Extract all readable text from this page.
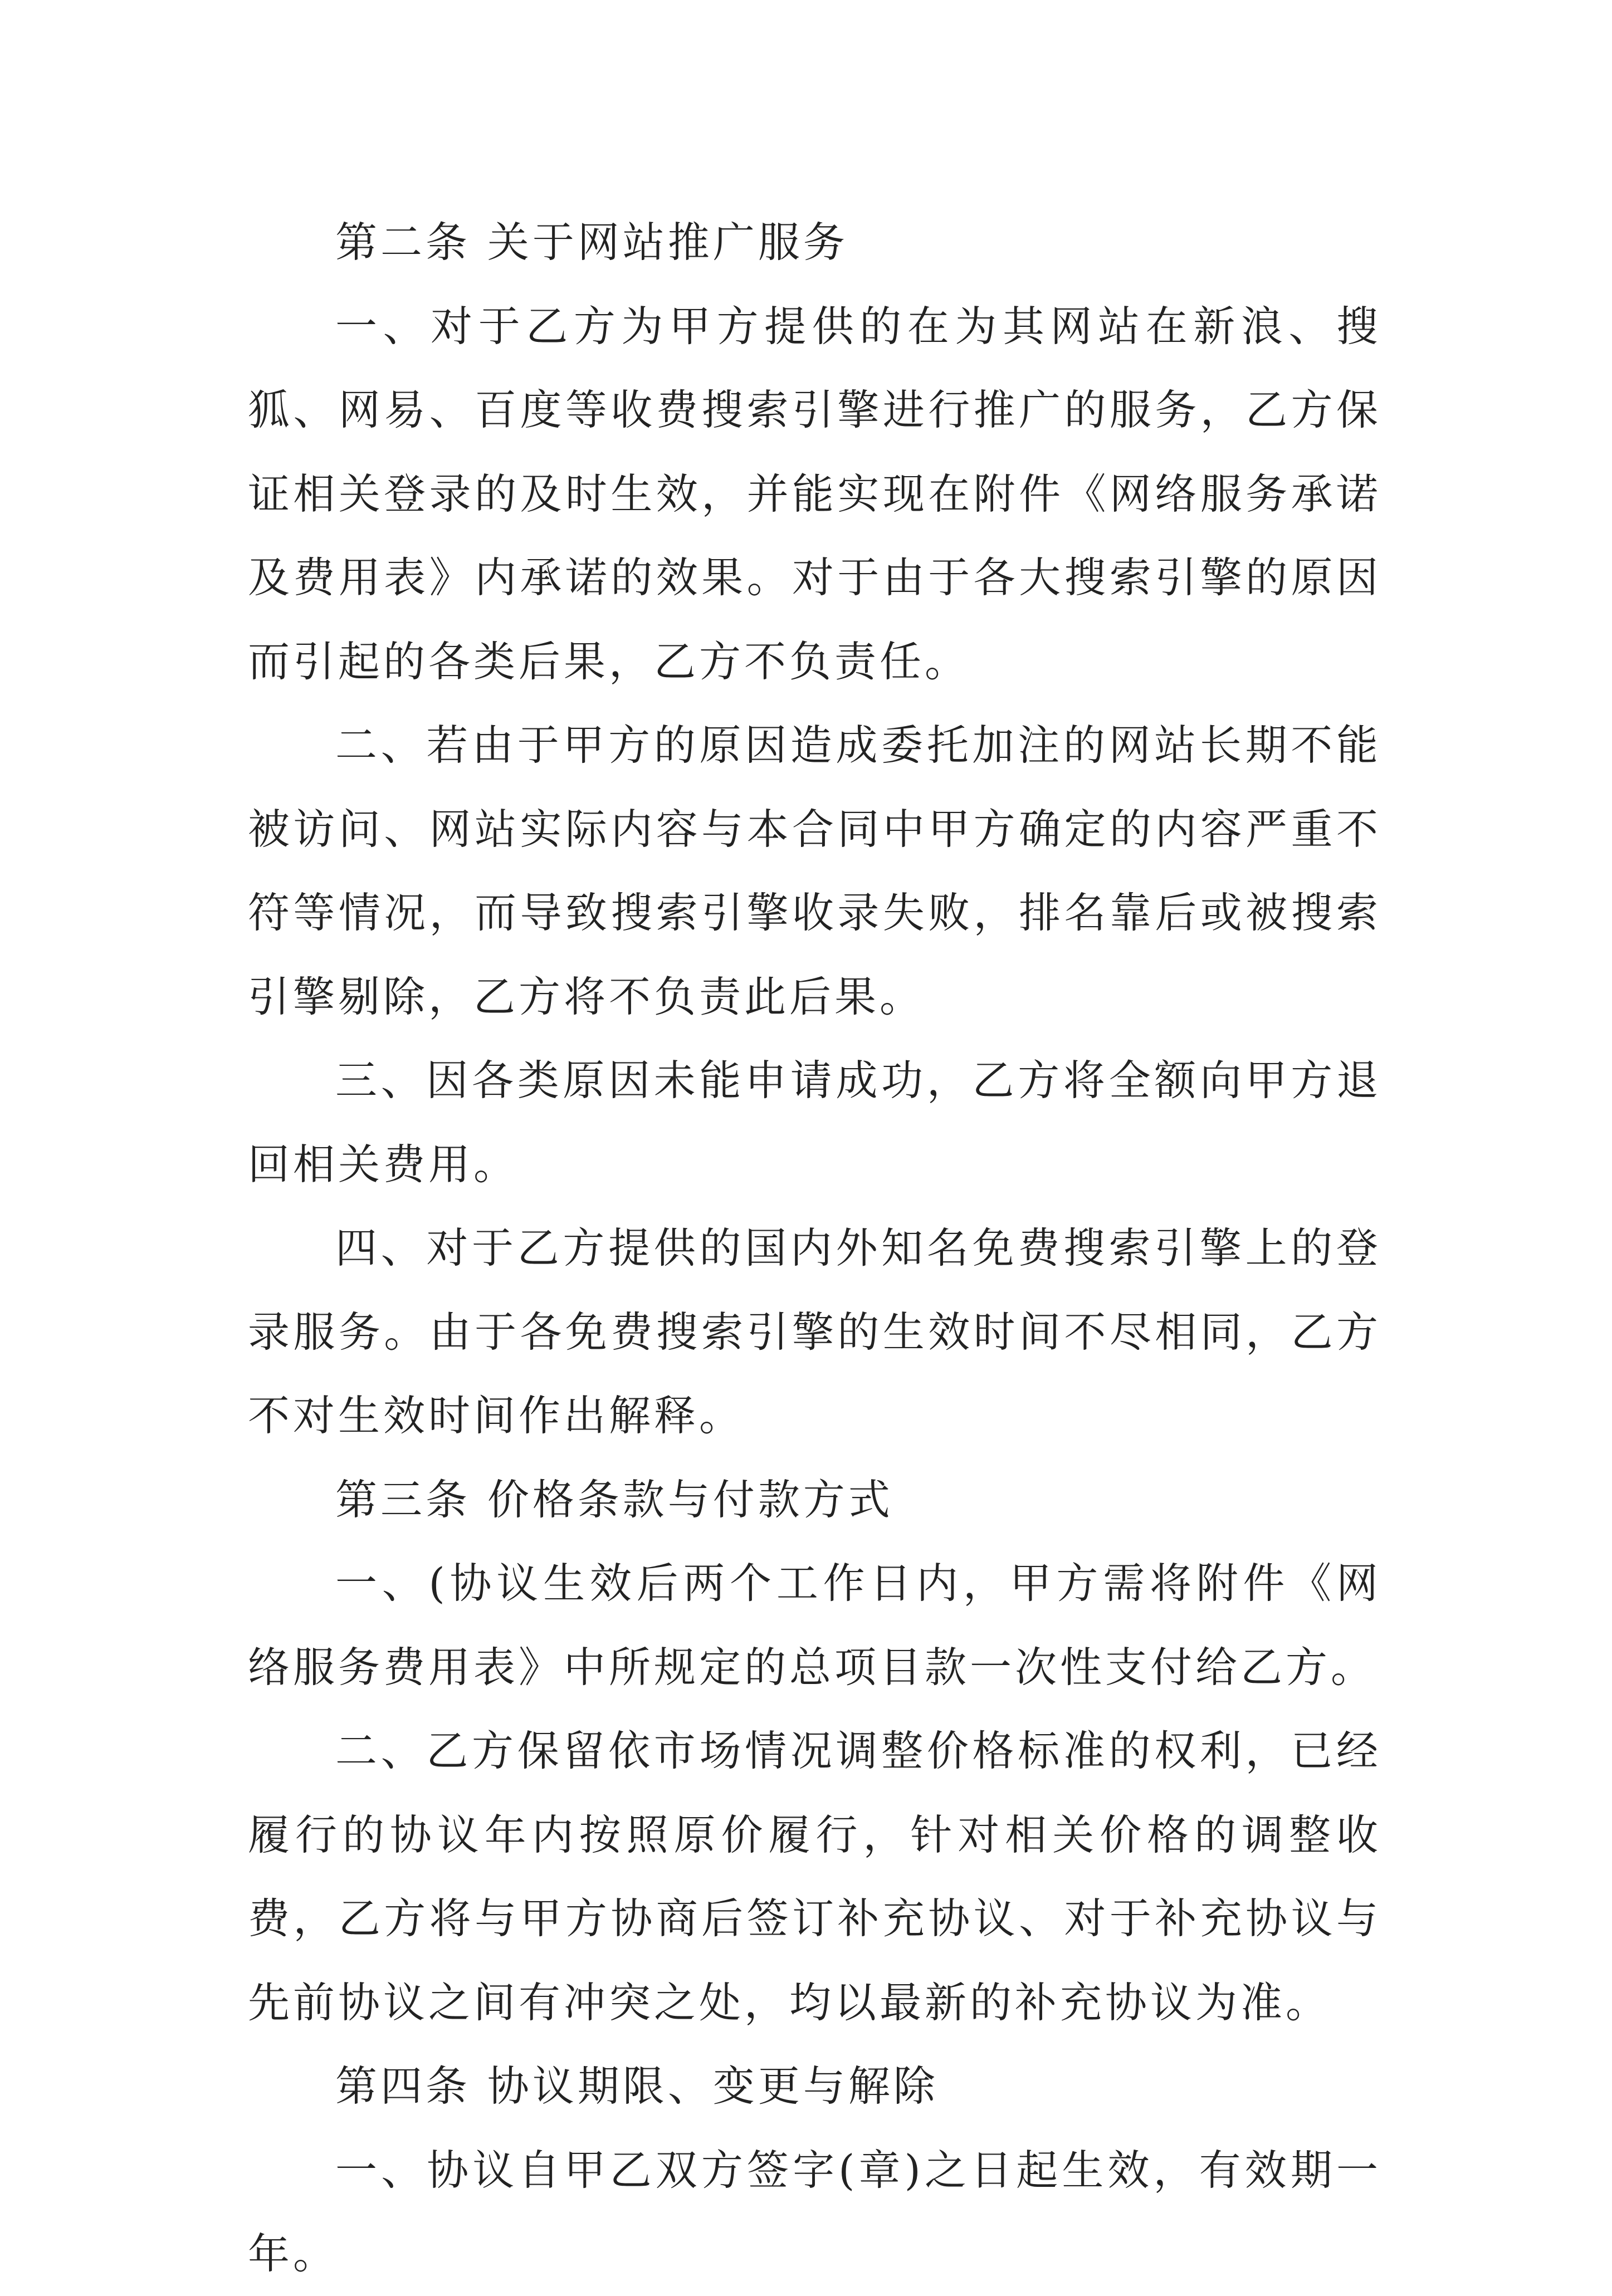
第二条 关于网站推广服务

一、对于乙方为甲方提供的在为其网站在新浪、搜狐、网易、百度等收费搜索引擎进行推广的服务，乙方保证相关登录的及时生效，并能实现在附件《网络服务承诺及费用表》内承诺的效果。对于由于各大搜索引擎的原因而引起的各类后果，乙方不负责任。

二、若由于甲方的原因造成委托加注的网站长期不能被访问、网站实际内容与本合同中甲方确定的内容严重不符等情况，而导致搜索引擎收录失败，排名靠后或被搜索引擎剔除，乙方将不负责此后果。

三、因各类原因未能申请成功，乙方将全额向甲方退回相关费用。

四、对于乙方提供的国内外知名免费搜索引擎上的登录服务。由于各免费搜索引擎的生效时间不尽相同，乙方不对生效时间作出解释。

第三条 价格条款与付款方式

一、(协议生效后两个工作日内，甲方需将附件《网络服务费用表》中所规定的总项目款一次性支付给乙方。

二、乙方保留依市场情况调整价格标准的权利，已经履行的协议年内按照原价履行，针对相关价格的调整收费，乙方将与甲方协商后签订补充协议、对于补充协议与先前协议之间有冲突之处，均以最新的补充协议为准。

第四条 协议期限、变更与解除

一、协议自甲乙双方签字(章)之日起生效，有效期一年。
